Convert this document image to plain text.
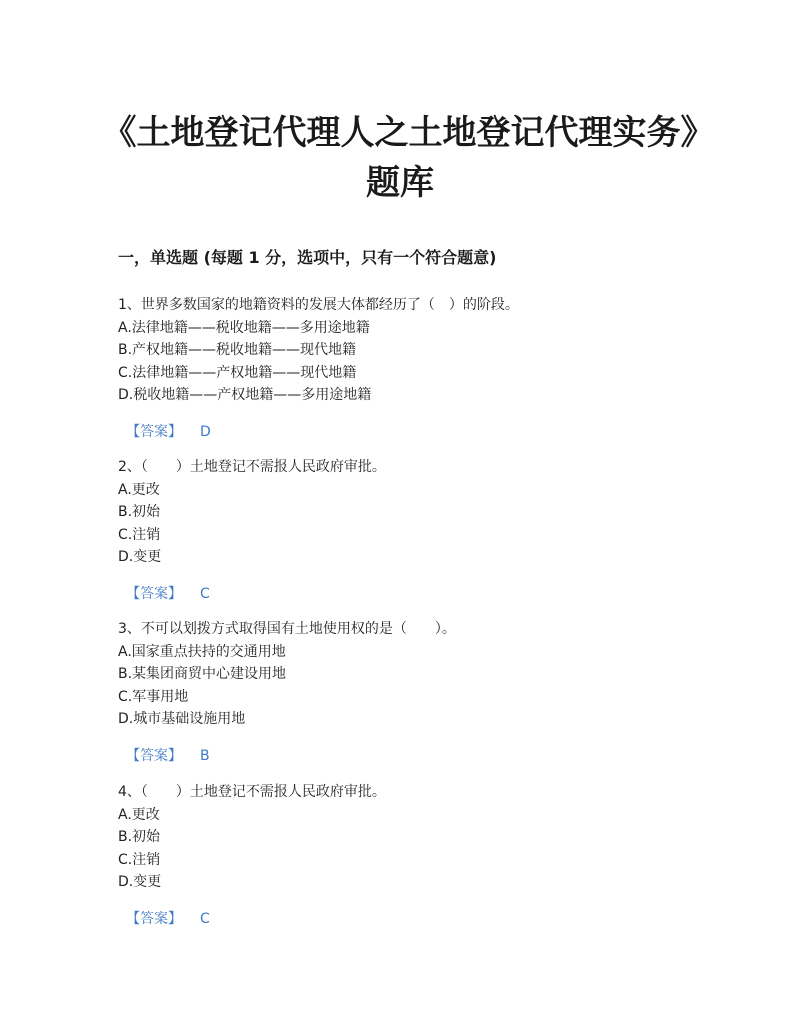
《土地登记代理人之土地登记代理实务》题库
一，单选题 (每题 1 分，选项中，只有一个符合题意)
1、世界多数国家的地籍资料的发展大体都经历了（　）的阶段。
A.法律地籍——税收地籍——多用途地籍
B.产权地籍——税收地籍——现代地籍
C.法律地籍——产权地籍——现代地籍
D.税收地籍——产权地籍——多用途地籍
【答案】 D
2、（　　）土地登记不需报人民政府审批。
A.更改
B.初始
C.注销
D.变更
【答案】 C
3、不可以划拨方式取得国有土地使用权的是（　　）。
A.国家重点扶持的交通用地
B.某集团商贸中心建设用地
C.军事用地
D.城市基础设施用地
【答案】 B
4、（　　）土地登记不需报人民政府审批。
A.更改
B.初始
C.注销
D.变更
【答案】 C
